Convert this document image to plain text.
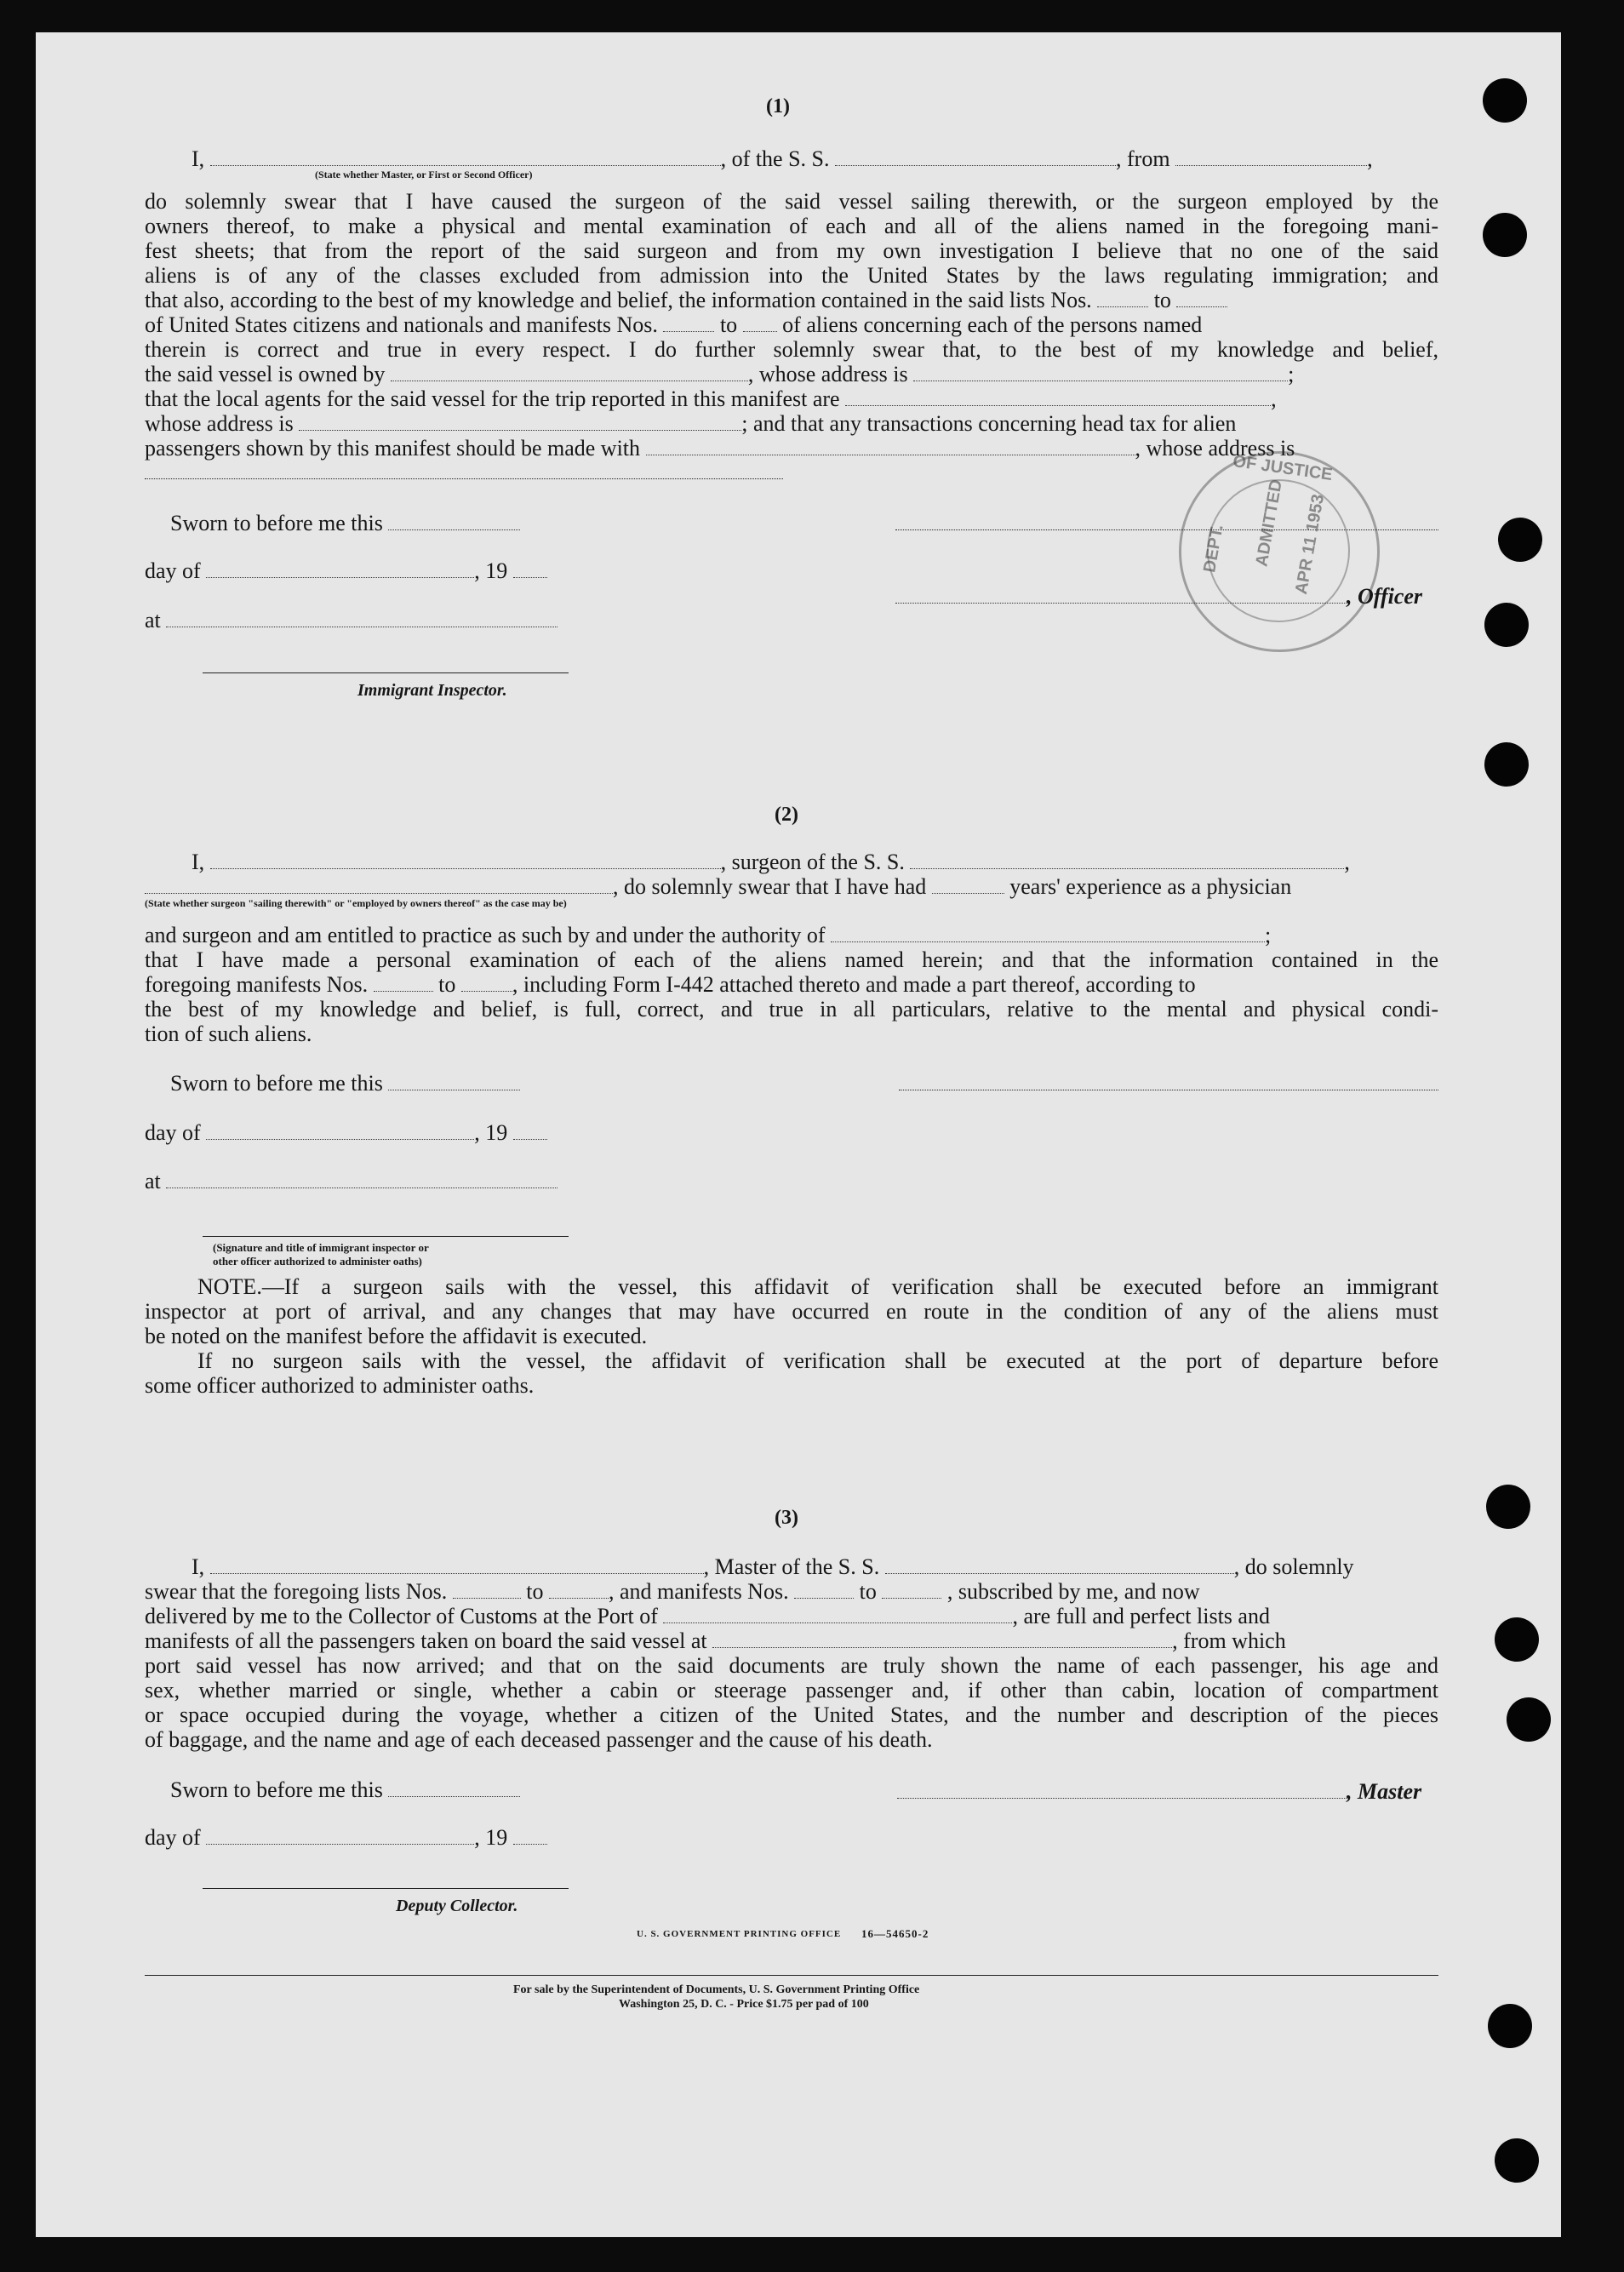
OF JUSTICE
DEPT. ADMITTED APR 11 1953
(1)
I,	, of the S. S.	, from	,
(State whether Master, or First or Second Officer)
do solemnly swear that I have caused the surgeon of the said vessel sailing therewith, or the surgeon employed by the
owners thereof, to make a physical and mental examination of each and all of the aliens named in the foregoing mani-
fest sheets; that from the report of the said surgeon and from my own investigation I believe that no one of the said
aliens is of any of the classes excluded from admission into the United States by the laws regulating immigration; and
that also, according to the best of my knowledge and belief, the information contained in the said lists Nos.	to
of United States citizens and nationals and manifests Nos.	to of aliens concerning each of the persons named
therein is correct and true in every respect. I do further solemnly swear that, to the best of my knowledge and belief,
the said vessel is owned by	, whose address is	;
that the local agents for the said vessel for the trip reported in this manifest are	,
whose address is	; and that any transactions concerning head tax for alien
passengers shown by this manifest should be made with	, whose address is
Sworn to before me this
day of	, 19
, Officer
at
Immigrant Inspector.
(2)
I,	, surgeon of the S. S.	,
, do solemnly swear that I have had	years' experience as a physician
(State whether surgeon "sailing therewith" or "employed by owners thereof" as the case may be)
and surgeon and am entitled to practice as such by and under the authority of	;
that I have made a personal examination of each of the aliens named herein; and that the information contained in the
foregoing manifests Nos.	to	, including Form I-442 attached thereto and made a part thereof, according to
the best of my knowledge and belief, is full, correct, and true in all particulars, relative to the mental and physical condi-
tion of such aliens.
Sworn to before me this
day of	, 19
at
(Signature and title of immigrant inspector or
other officer authorized to administer oaths)
NOTE.—If a surgeon sails with the vessel, this affidavit of verification shall be executed before an immigrant
inspector at port of arrival, and any changes that may have occurred en route in the condition of any of the aliens must
be noted on the manifest before the affidavit is executed.
If no surgeon sails with the vessel, the affidavit of verification shall be executed at the port of departure before
some officer authorized to administer oaths.
(3)
I,	, Master of the S. S.	, do solemnly
swear that the foregoing lists Nos.	to	, and manifests Nos.	to	, subscribed by me, and now
delivered by me to the Collector of Customs at the Port of	, are full and perfect lists and
manifests of all the passengers taken on board the said vessel at	, from which
port said vessel has now arrived; and that on the said documents are truly shown the name of each passenger, his age and
sex, whether married or single, whether a cabin or steerage passenger and, if other than cabin, location of compartment
or space occupied during the voyage, whether a citizen of the United States, and the number and description of the pieces
of baggage, and the name and age of each deceased passenger and the cause of his death.
Sworn to before me this	, Master
day of	, 19
Deputy Collector.
U. S. GOVERNMENT PRINTING OFFICE 16—54650-2
For sale by the Superintendent of Documents, U. S. Government Printing Office
Washington 25, D. C. - Price $1.75 per pad of 100
